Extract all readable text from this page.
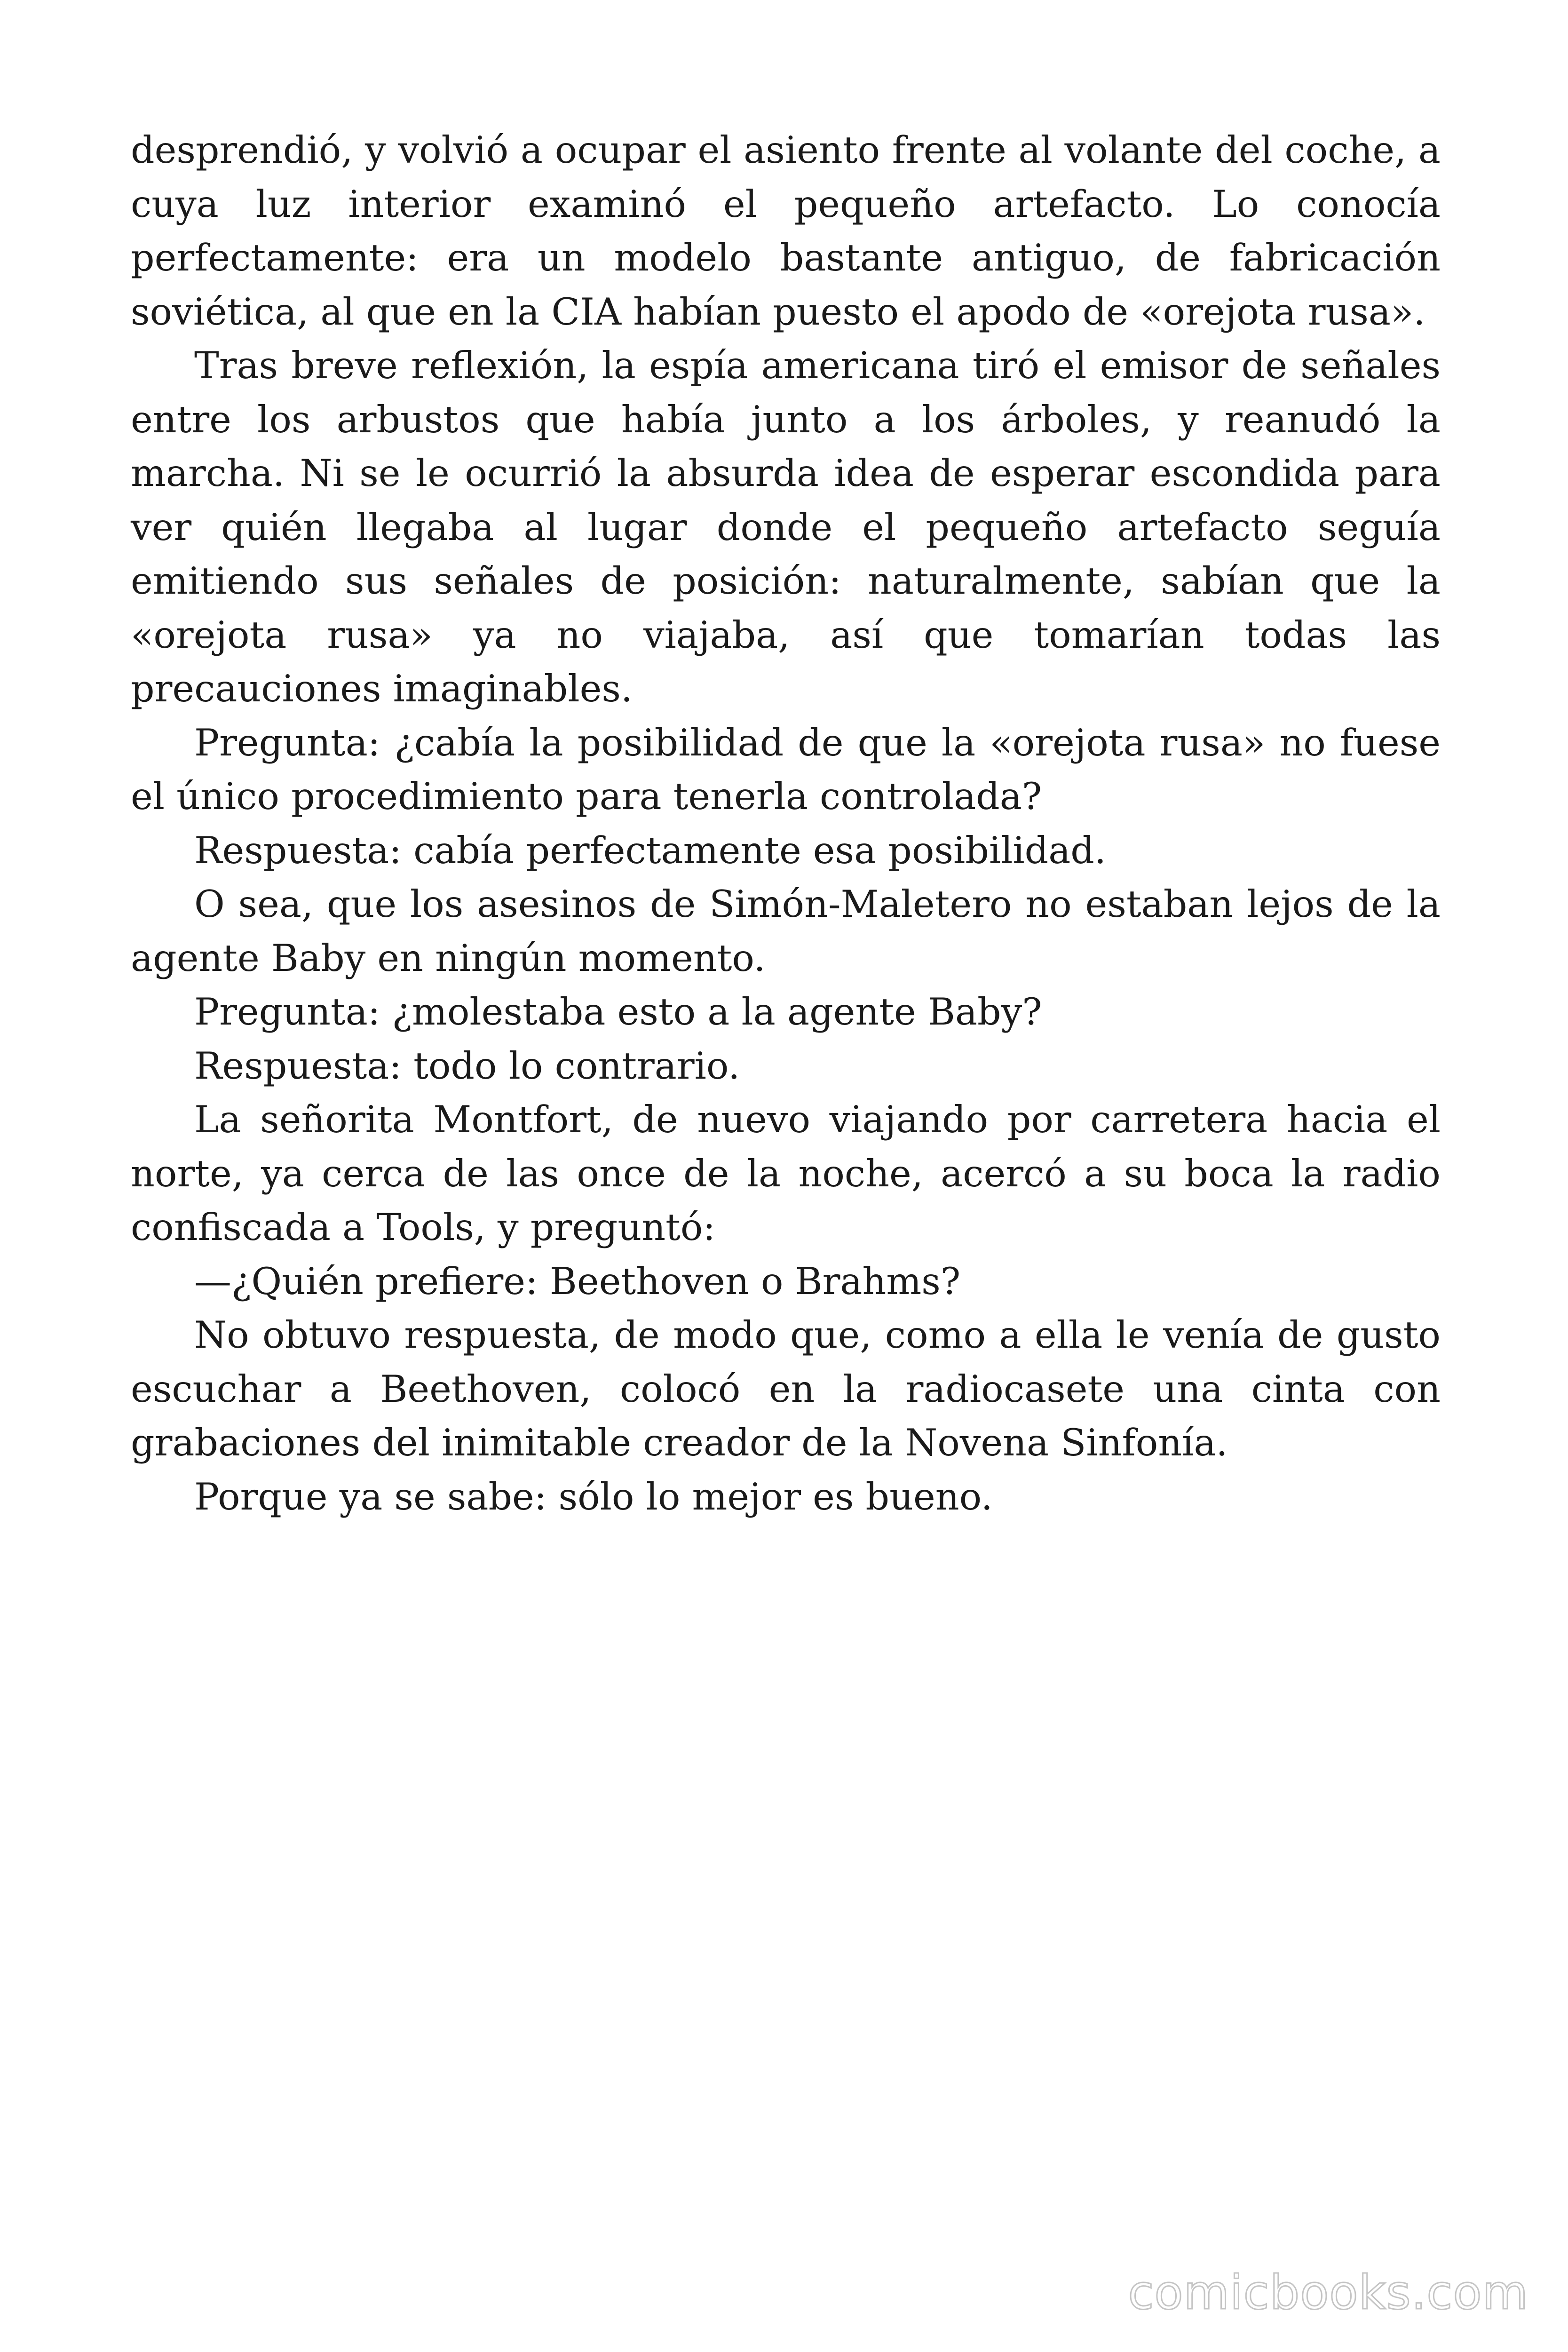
desprendió, y volvió a ocupar el asiento frente al volante del coche, a cuya luz interior examinó el pequeño artefacto. Lo conocía perfectamente: era un modelo bastante antiguo, de fabricación soviética, al que en la CIA habían puesto el apodo de «orejota rusa».

Tras breve reflexión, la espía americana tiró el emisor de señales entre los arbustos que había junto a los árboles, y reanudó la marcha. Ni se le ocurrió la absurda idea de esperar escondida para ver quién llegaba al lugar donde el pequeño artefacto seguía emitiendo sus señales de posición: naturalmente, sabían que la «orejota rusa» ya no viajaba, así que tomarían todas las precauciones imaginables.

Pregunta: ¿cabía la posibilidad de que la «orejota rusa» no fuese el único procedimiento para tenerla controlada?

Respuesta: cabía perfectamente esa posibilidad.

O sea, que los asesinos de Simón-Maletero no estaban lejos de la agente Baby en ningún momento.

Pregunta: ¿molestaba esto a la agente Baby?

Respuesta: todo lo contrario.

La señorita Montfort, de nuevo viajando por carretera hacia el norte, ya cerca de las once de la noche, acercó a su boca la radio confiscada a Tools, y preguntó:

—¿Quién prefiere: Beethoven o Brahms?

No obtuvo respuesta, de modo que, como a ella le venía de gusto escuchar a Beethoven, colocó en la radiocasete una cinta con grabaciones del inimitable creador de la Novena Sinfonía.

Porque ya se sabe: sólo lo mejor es bueno.

comicbooks.com
